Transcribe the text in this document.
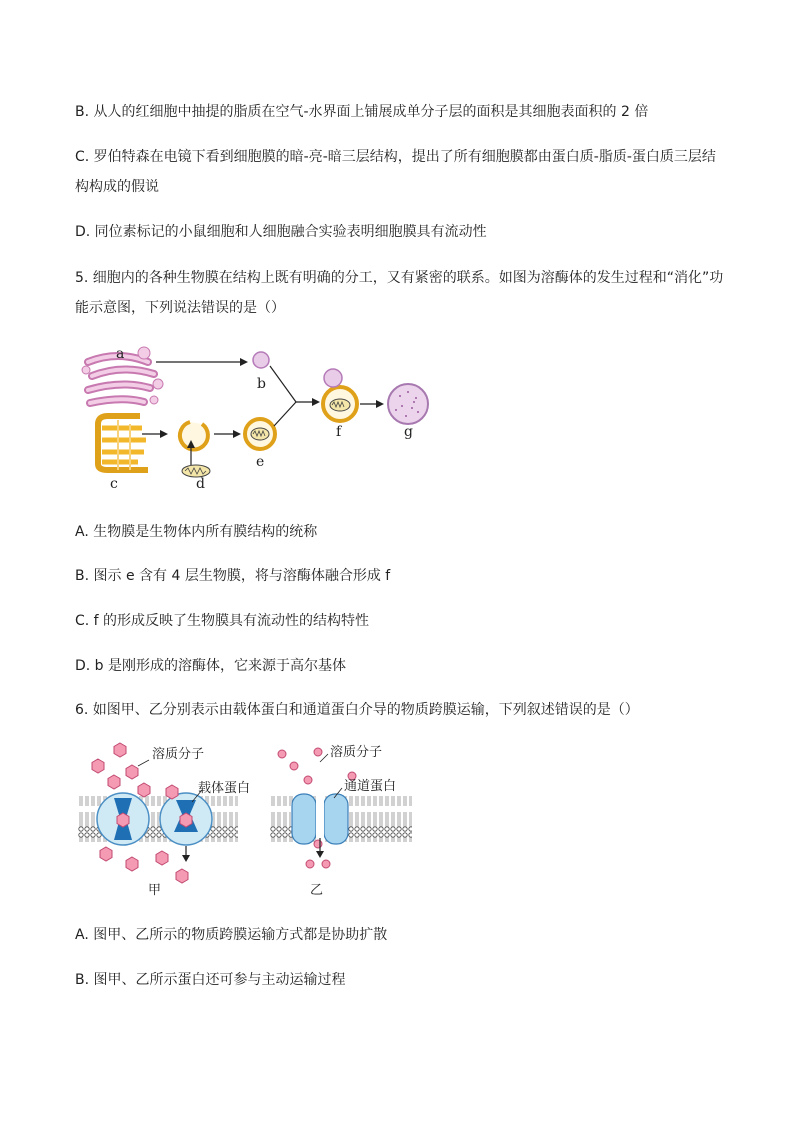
B. 从人的红细胞中抽提的脂质在空气-水界面上铺展成单分子层的面积是其细胞表面积的 2 倍
C. 罗伯特森在电镜下看到细胞膜的暗-亮-暗三层结构，提出了所有细胞膜都由蛋白质-脂质-蛋白质三层结
构构成的假说
D. 同位素标记的小鼠细胞和人细胞融合实验表明细胞膜具有流动性
5. 细胞内的各种生物膜在结构上既有明确的分工，又有紧密的联系。如图为溶酶体的发生过程和“消化”功
能示意图，下列说法错误的是（）
a
b
c	d
e
f	g
A. 生物膜是生物体内所有膜结构的统称
B. 图示 e 含有 4 层生物膜，将与溶酶体融合形成 f
C. f 的形成反映了生物膜具有流动性的结构特性
D. b 是刚形成的溶酶体，它来源于高尔基体
6. 如图甲、乙分别表示由载体蛋白和通道蛋白介导的物质跨膜运输，下列叙述错误的是（）
溶质分子
载体蛋白
甲
溶质分子
通道蛋白
乙
A. 图甲、乙所示的物质跨膜运输方式都是协助扩散
B. 图甲、乙所示蛋白还可参与主动运输过程
